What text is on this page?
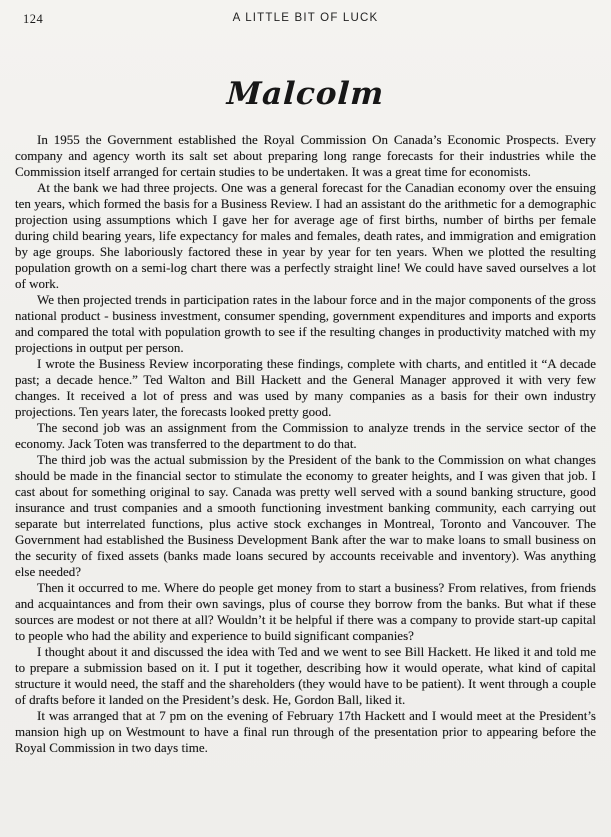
124	A LITTLE BIT OF LUCK
Malcolm

In 1955 the Government established the Royal Commission On Canada’s Economic Prospects. Every company and agency worth its salt set about preparing long range forecasts for their industries while the Commission itself arranged for certain studies to be undertaken. It was a great time for economists.

At the bank we had three projects. One was a general forecast for the Canadian economy over the ensuing ten years, which formed the basis for a Business Review. I had an assistant do the arithmetic for a demographic projection using assumptions which I gave her for average age of first births, number of births per female during child bearing years, life expectancy for males and females, death rates, and immigration and emigration by age groups. She laboriously factored these in year by year for ten years. When we plotted the resulting population growth on a semi-log chart there was a perfectly straight line! We could have saved ourselves a lot of work.

We then projected trends in participation rates in the labour force and in the major components of the gross national product - business investment, consumer spending, government expenditures and imports and exports and compared the total with population growth to see if the resulting changes in productivity matched with my projections in output per person.

I wrote the Business Review incorporating these findings, complete with charts, and entitled it “A decade past; a decade hence.” Ted Walton and Bill Hackett and the General Manager approved it with very few changes. It received a lot of press and was used by many companies as a basis for their own industry projections. Ten years later, the forecasts looked pretty good.

The second job was an assignment from the Commission to analyze trends in the service sector of the economy. Jack Toten was transferred to the department to do that.

The third job was the actual submission by the President of the bank to the Commission on what changes should be made in the financial sector to stimulate the economy to greater heights, and I was given that job. I cast about for something original to say. Canada was pretty well served with a sound banking structure, good insurance and trust companies and a smooth functioning investment banking community, each carrying out separate but interrelated functions, plus active stock exchanges in Montreal, Toronto and Vancouver. The Government had established the Business Development Bank after the war to make loans to small business on the security of fixed assets (banks made loans secured by accounts receivable and inventory). Was anything else needed?

Then it occurred to me. Where do people get money from to start a business? From relatives, from friends and acquaintances and from their own savings, plus of course they borrow from the banks. But what if these sources are modest or not there at all? Wouldn’t it be helpful if there was a company to provide start-up capital to people who had the ability and experience to build significant companies?

I thought about it and discussed the idea with Ted and we went to see Bill Hackett. He liked it and told me to prepare a submission based on it. I put it together, describing how it would operate, what kind of capital structure it would need, the staff and the shareholders (they would have to be patient). It went through a couple of drafts before it landed on the President’s desk. He, Gordon Ball, liked it.

It was arranged that at 7 pm on the evening of February 17th Hackett and I would meet at the President’s mansion high up on Westmount to have a final run through of the presentation prior to appearing before the Royal Commission in two days time.
